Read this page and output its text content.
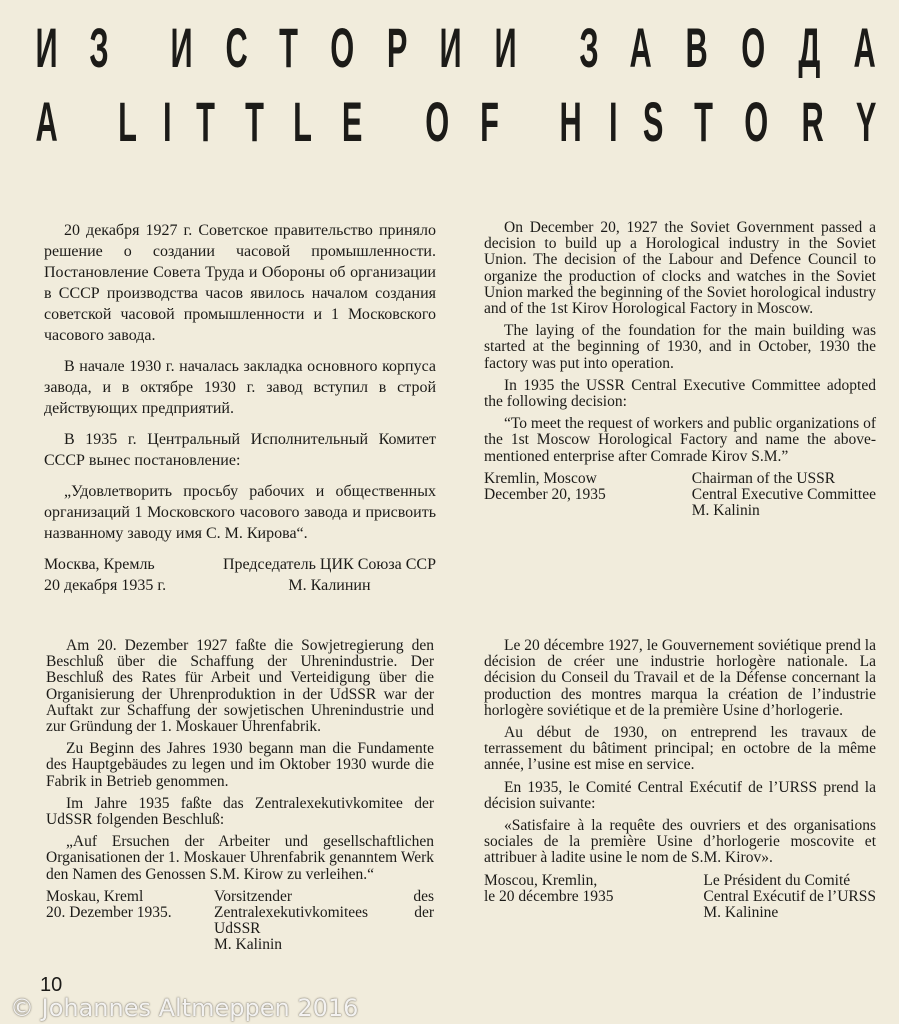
И З
И С Т О Р И И
З А В О Д А
A
L I T T L E
O F
H I S T O R Y

20 декабря 1927 г. Советское правительство приняло решение о создании часовой промышленности. Постановление Совета Труда и Обороны об организации в СССР производства часов явилось началом создания советской часовой промышленности и 1 Московского часового завода.

В начале 1930 г. началась закладка основного корпуса завода, и в октябре 1930 г. завод вступил в строй действующих предприятий.

В 1935 г. Центральный Исполнительный Комитет СССР вынес постановление:

„Удовлетворить просьбу рабочих и общественных организаций 1 Московского часового завода и присвоить названному заводу имя С. М. Кирова“.

Москва, Кремль
20 декабря 1935 г.
Председатель ЦИК Союза ССР
М. Калинин

On December 20, 1927 the Soviet Government passed a decision to build up a Horological industry in the Soviet Union. The decision of the Labour and Defence Council to organize the production of clocks and watches in the Soviet Union marked the beginning of the Soviet horological industry and of the 1st Kirov Horological Factory in Moscow.

The laying of the foundation for the main building was started at the beginning of 1930, and in October, 1930 the factory was put into operation.

In 1935 the USSR Central Executive Committee adopted the following decision:

“To meet the request of workers and public organizations of the 1st Moscow Horological Factory and name the above-mentioned enterprise after Comrade Kirov S.M.”

Kremlin, Moscow
December 20, 1935
Chairman of the USSR
Central Executive Committee
M. Kalinin

Am 20. Dezember 1927 faßte die Sowjetregierung den Beschluß über die Schaffung der Uhrenindustrie. Der Beschluß des Rates für Arbeit und Verteidigung über die Organisierung der Uhrenproduktion in der UdSSR war der Auftakt zur Schaffung der sowjetischen Uhrenindustrie und zur Gründung der 1. Moskauer Uhrenfabrik.

Zu Beginn des Jahres 1930 begann man die Fundamente des Hauptgebäudes zu legen und im Oktober 1930 wurde die Fabrik in Betrieb genommen.

Im Jahre 1935 faßte das Zentralexekutivkomitee der UdSSR folgenden Beschluß:

„Auf Ersuchen der Arbeiter und gesellschaftlichen Organisationen der 1. Moskauer Uhrenfabrik genanntem Werk den Namen des Genossen S.M. Kirow zu verleihen.“

Moskau, Kreml
20. Dezember 1935.
Vorsitzender des Zentralexekutivkomitees der UdSSR
M. Kalinin

Le 20 décembre 1927, le Gouvernement soviétique prend la décision de créer une industrie horlogère nationale. La décision du Conseil du Travail et de la Défense concernant la production des montres marqua la création de l’industrie horlogère soviétique et de la première Usine d’horlogerie.

Au début de 1930, on entreprend les travaux de terrassement du bâtiment principal; en octobre de la même année, l’usine est mise en service.

En 1935, le Comité Central Exécutif de l’URSS prend la décision suivante:

«Satisfaire à la requête des ouvriers et des organisations sociales de la première Usine d’horlogerie moscovite et attribuer à ladite usine le nom de S.M. Kirov».

Moscou, Kremlin,
le 20 décembre 1935
Le Président du Comité
Central Exécutif de l’URSS
M. Kalinine
10
© Johannes Altmeppen 2016
